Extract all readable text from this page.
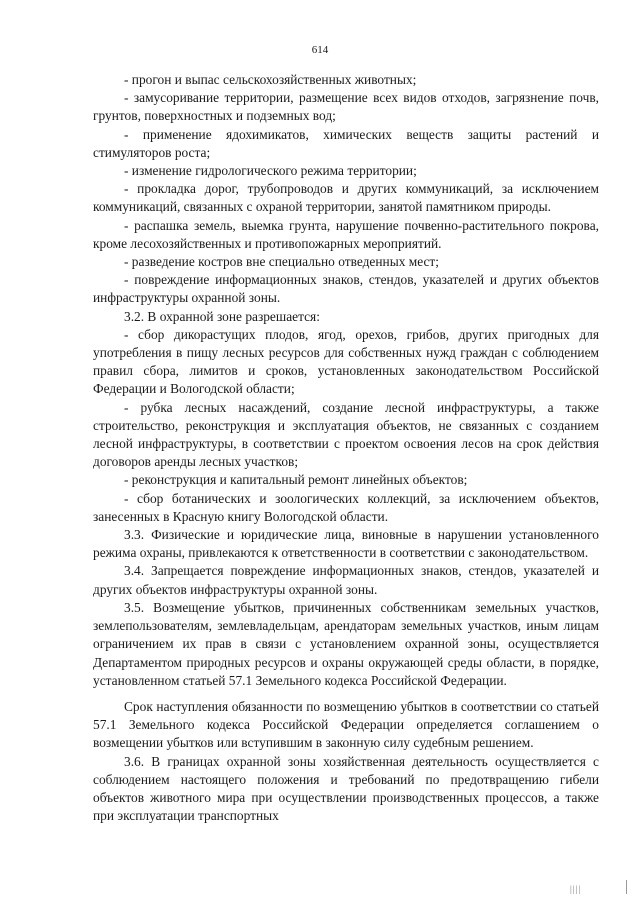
614

- прогон и выпас сельскохозяйственных животных;

- замусоривание территории, размещение всех видов отходов, загрязнение почв, грунтов, поверхностных и подземных вод;

- применение ядохимикатов, химических веществ защиты растений и стимуляторов роста;

- изменение гидрологического режима территории;

- прокладка дорог, трубопроводов и других коммуникаций, за исключением коммуникаций, связанных с охраной территории, занятой памятником природы.

- распашка земель, выемка грунта, нарушение почвенно-растительного покрова, кроме лесохозяйственных и противопожарных мероприятий.

- разведение костров вне специально отведенных мест;

- повреждение информационных знаков, стендов, указателей и других объектов инфраструктуры охранной зоны.

3.2. В охранной зоне разрешается:

- сбор дикорастущих плодов, ягод, орехов, грибов, других пригодных для употребления в пищу лесных ресурсов для собственных нужд граждан с соблюдением правил сбора, лимитов и сроков, установленных законодательством Российской Федерации и Вологодской области;

- рубка лесных насаждений, создание лесной инфраструктуры, а также строительство, реконструкция и эксплуатация объектов, не связанных с созданием лесной инфраструктуры, в соответствии с проектом освоения лесов на срок действия договоров аренды лесных участков;

- реконструкция и капитальный ремонт линейных объектов;

- сбор ботанических и зоологических коллекций, за исключением объектов, занесенных в Красную книгу Вологодской области.

3.3. Физические и юридические лица, виновные в нарушении установленного режима охраны, привлекаются к ответственности в соответствии с законодательством.

3.4. Запрещается повреждение информационных знаков, стендов, указателей и других объектов инфраструктуры охранной зоны.

3.5. Возмещение убытков, причиненных собственникам земельных участков, землепользователям, землевладельцам, арендаторам земельных участков, иным лицам ограничением их прав в связи с установлением охранной зоны, осуществляется Департаментом природных ресурсов и охраны окружающей среды области, в порядке, установленном статьей 57.1 Земельного кодекса Российской Федерации.

Срок наступления обязанности по возмещению убытков в соответствии со статьей 57.1 Земельного кодекса Российской Федерации определяется соглашением о возмещении убытков или вступившим в законную силу судебным решением.

3.6. В границах охранной зоны хозяйственная деятельность осуществляется с соблюдением настоящего положения и требований по предотвращению гибели объектов животного мира при осуществлении производственных процессов, а также при эксплуатации транспортных

||||
